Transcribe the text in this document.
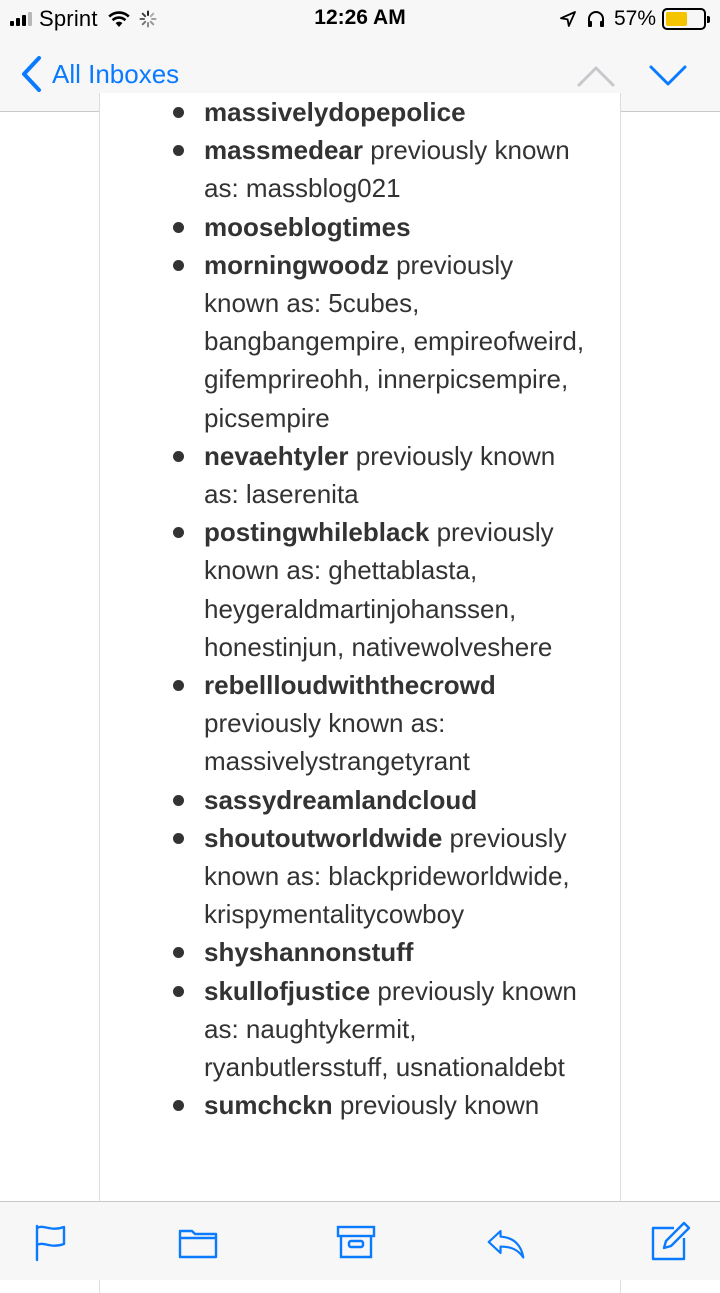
Sprint	12:26 AM	57%
All Inboxes
massivelydopepolice
massmedear previously known as: massblog021
mooseblogtimes
morningwoodz previously known as: 5cubes, bangbangempire, empireofweird, gifemprireohh, innerpicsempire, picsempire
nevaehtyler previously known as: laserenita
postingwhileblack previously known as: ghettablasta, heygeraldmartinjohanssen, honestinjun, nativewolveshere
rebellloudwiththecrowd previously known as: massivelystrangetyrant
sassydreamlandcloud
shoutoutworldwide previously known as: blackprideworldwide, krispymentalitycowboy
shyshannonstuff
skullofjustice previously known as: naughtykermit, ryanbutlersstuff, usnationaldebt
sumchckn previously known
